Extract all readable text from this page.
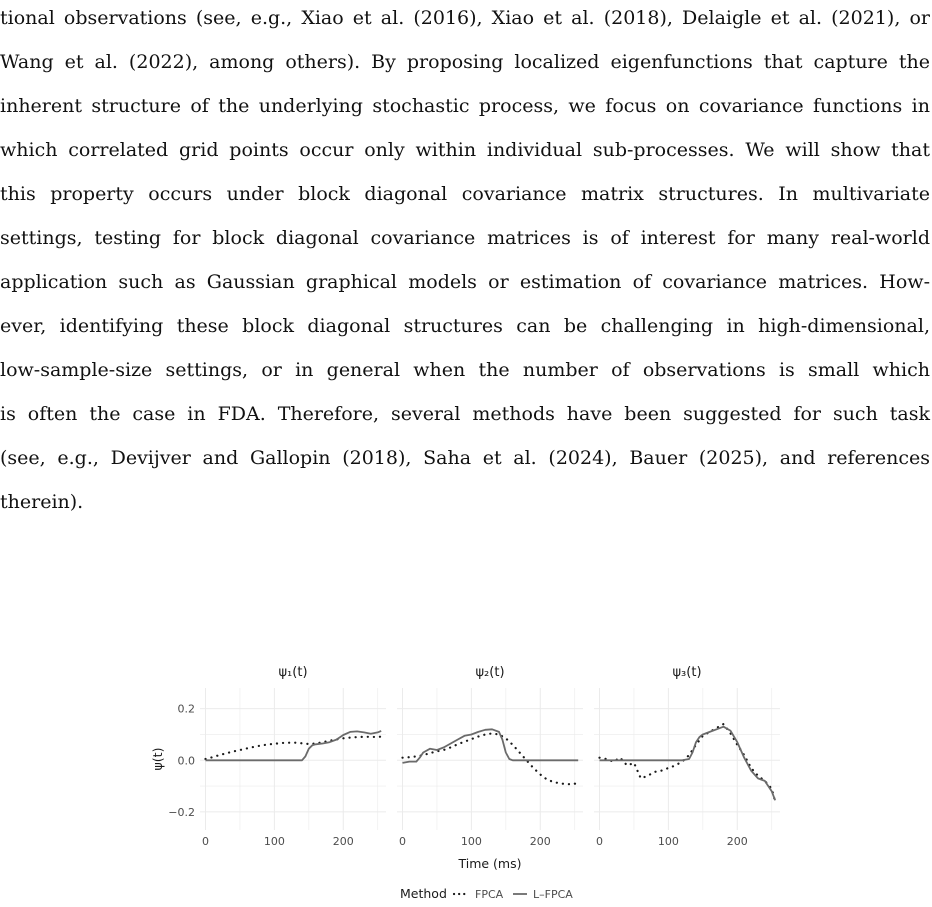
tional observations (see, e.g., Xiao et al. (2016), Xiao et al. (2018), Delaigle et al. (2021), or
Wang et al. (2022), among others). By proposing localized eigenfunctions that capture the
inherent structure of the underlying stochastic process, we focus on covariance functions in
which correlated grid points occur only within individual sub-processes. We will show that
this property occurs under block diagonal covariance matrix structures. In multivariate
settings, testing for block diagonal covariance matrices is of interest for many real-world
application such as Gaussian graphical models or estimation of covariance matrices. How-
ever, identifying these block diagonal structures can be challenging in high-dimensional,
low-sample-size settings, or in general when the number of observations is small which
is often the case in FDA. Therefore, several methods have been suggested for such task
(see, e.g., Devijver and Gallopin (2018), Saha et al. (2024), Bauer (2025), and references
therein).
ψ₁(t)
0	100	200
ψ₂(t)
0	100	200
ψ₃(t)
0	100	200
−0.2
0.0
0.2
ψ(t)
Time (ms)
Method	FPCA	L–FPCA
